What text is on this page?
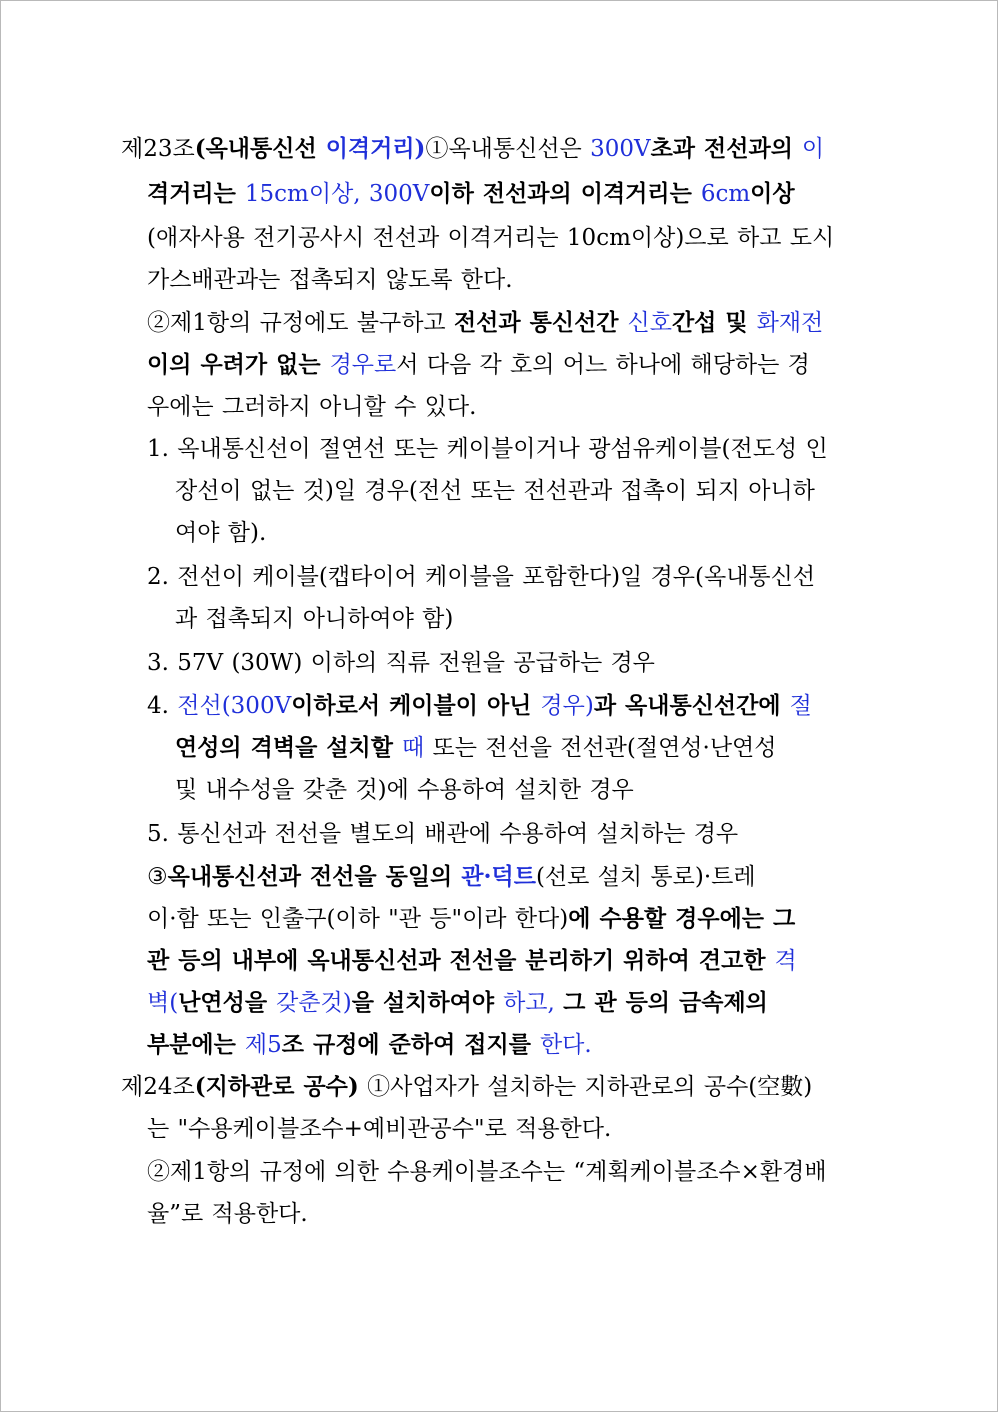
제23조(옥내통신선 이격거리)①옥내통신선은 300V초과 전선과의 이
격거리는 15cm이상, 300V이하 전선과의 이격거리는 6cm이상
(애자사용 전기공사시 전선과 이격거리는 10cm이상)으로 하고 도시
가스배관과는 접촉되지 않도록 한다.
②제1항의 규정에도 불구하고 전선과 통신선간 신호간섭 및 화재전
이의 우려가 없는 경우로서 다음 각 호의 어느 하나에 해당하는 경
우에는 그러하지 아니할 수 있다.
1. 옥내통신선이 절연선 또는 케이블이거나 광섬유케이블(전도성 인
장선이 없는 것)일 경우(전선 또는 전선관과 접촉이 되지 아니하
여야 함).
2. 전선이 케이블(캡타이어 케이블을 포함한다)일 경우(옥내통신선
과 접촉되지 아니하여야 함)
3. 57V (30W) 이하의 직류 전원을 공급하는 경우
4. 전선(300V이하로서 케이블이 아닌 경우)과 옥내통신선간에 절
연성의 격벽을 설치할 때 또는 전선을 전선관(절연성·난연성
및 내수성을 갖춘 것)에 수용하여 설치한 경우
5. 통신선과 전선을 별도의 배관에 수용하여 설치하는 경우
③옥내통신선과 전선을 동일의 관·덕트(선로 설치 통로)·트레
이·함 또는 인출구(이하 "관 등"이라 한다)에 수용할 경우에는 그
관 등의 내부에 옥내통신선과 전선을 분리하기 위하여 견고한 격
벽(난연성을 갖춘것)을 설치하여야 하고, 그 관 등의 금속제의
부분에는 제5조 규정에 준하여 접지를 한다.
제24조(지하관로 공수) ①사업자가 설치하는 지하관로의 공수(空數)
는 "수용케이블조수+예비관공수"로 적용한다.
②제1항의 규정에 의한 수용케이블조수는 “계획케이블조수×환경배
율”로 적용한다.
